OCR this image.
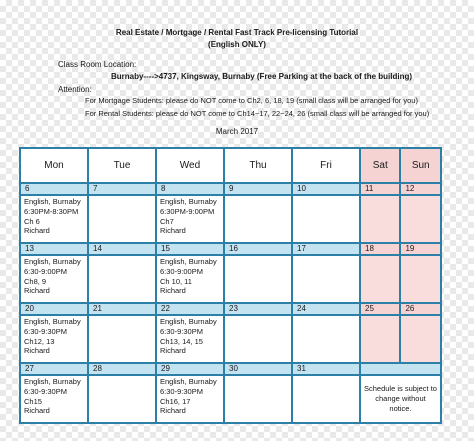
Real Estate / Mortgage / Rental Fast Track Pre-licensing Tutorial
(English ONLY)
Class Room Location:
Burnaby---->4737, Kingsway, Burnaby (Free Parking at the back of the building)
Attention:
For Mortgage Students: please do NOT come to Ch2, 6, 18, 19 (small class will be arranged for you)
For Rental Students: please do NOT come to Ch14~17, 22~24, 26 (small class will be arranged for you)
March 2017
Mon	Tue	Wed	Thu	Fri	Sat	Sun
6	7	8	9	10	11	12

English, Burnaby
6:30PM-8:30PM
Ch 6
Richard		English, Burnaby
6:30PM-9:00PM
Ch7
Richard				

13	14	15	16	17	18	19

English, Burnaby
6:30-9:00PM
Ch8, 9
Richard		English, Burnaby
6:30-9:00PM
Ch 10, 11
Richard				

20	21	22	23	24	25	26

English, Burnaby
6:30-9:30PM
Ch12, 13
Richard		English, Burnaby
6:30-9:30PM
Ch13, 14, 15
Richard				

27	28	29	30	31		

English, Burnaby
6:30-9:30PM
Ch15
Richard		English, Burnaby
6:30-9:30PM
Ch16, 17
Richard			Schedule is subject to
change without
notice.	
